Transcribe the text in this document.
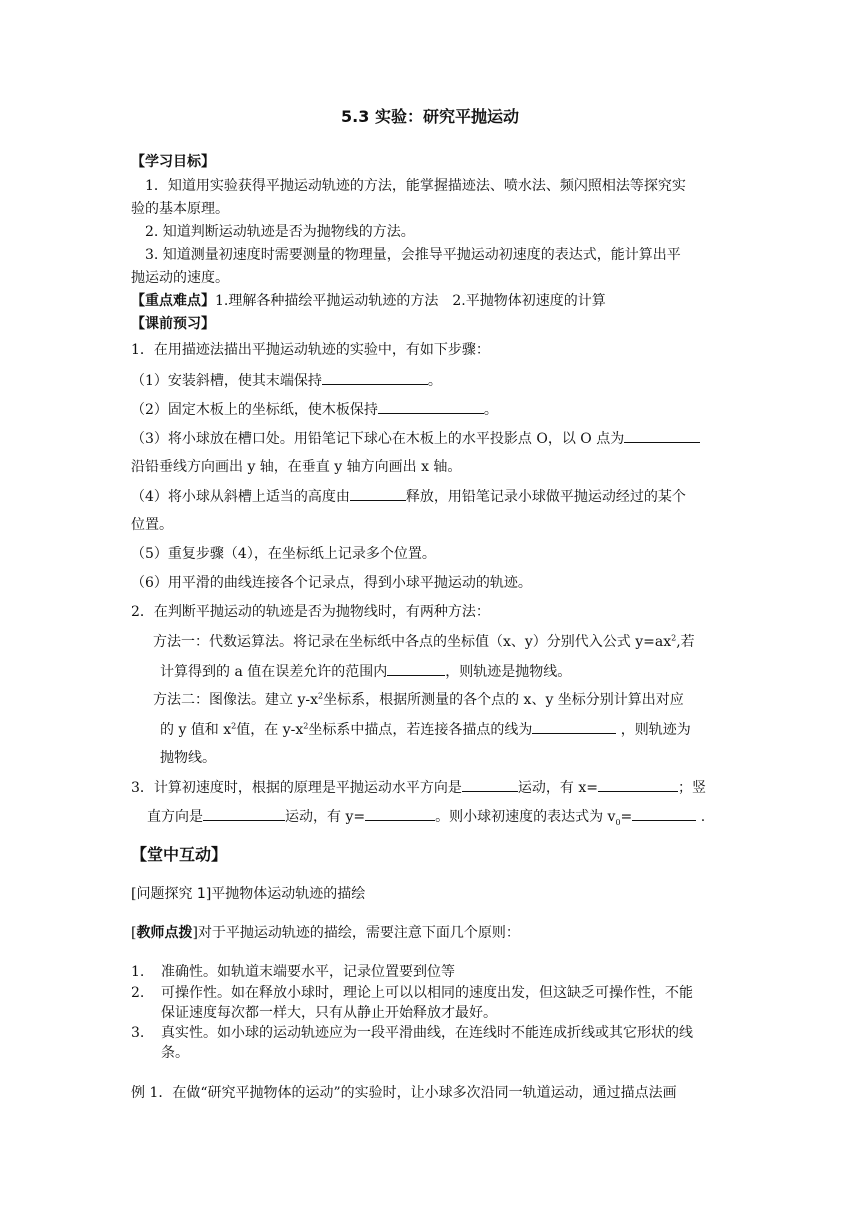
5.3 实验：研究平抛运动
【学习目标】
1．知道用实验获得平抛运动轨迹的方法，能掌握描迹法、喷水法、频闪照相法等探究实
验的基本原理。
2. 知道判断运动轨迹是否为抛物线的方法。
3. 知道测量初速度时需要测量的物理量，会推导平抛运动初速度的表达式，能计算出平
抛运动的速度。
【重点难点】1.理解各种描绘平抛运动轨迹的方法　2.平抛物体初速度的计算
【课前预习】
1．在用描迹法描出平抛运动轨迹的实验中，有如下步骤：
（1）安装斜槽，使其末端保持	。
（2）固定木板上的坐标纸，使木板保持	。
（3）将小球放在槽口处。用铅笔记下球心在木板上的水平投影点 O，以 O 点为
沿铅垂线方向画出 y 轴，在垂直 y 轴方向画出 x 轴。
（4）将小球从斜槽上适当的高度由	释放，用铅笔记录小球做平抛运动经过的某个
位置。
（5）重复步骤（4），在坐标纸上记录多个位置。
（6）用平滑的曲线连接各个记录点，得到小球平抛运动的轨迹。
2．在判断平抛运动的轨迹是否为抛物线时，有两种方法：
方法一：代数运算法。将记录在坐标纸中各点的坐标值（x、y）分别代入公式 $y=ax^2$,若
计算得到的 a 值在误差允许的范围内	，则轨迹是抛物线。
方法二：图像法。建立 $y-x^2$坐标系，根据所测量的各个点的 x、y 坐标分别计算出对应
的 y 值和 $x^2$值，在 $y-x^2$坐标系中描点，若连接各描点的线为	，则轨迹为
抛物线。
3．计算初速度时，根据的原理是平抛运动水平方向是	运动，有 x=	；竖
直方向是	运动，有 y=	。则小球初速度的表达式为 $v_0=$	.
【堂中互动】
[问题探究 1]平抛物体运动轨迹的描绘
[教师点拨]对于平抛运动轨迹的描绘，需要注意下面几个原则：
1. 准确性。如轨道末端要水平，记录位置要到位等
2. 可操作性。如在释放小球时，理论上可以以相同的速度出发，但这缺乏可操作性，不能
保证速度每次都一样大，只有从静止开始释放才最好。
3. 真实性。如小球的运动轨迹应为一段平滑曲线，在连线时不能连成折线或其它形状的线
条。
例 1．在做“研究平抛物体的运动”的实验时，让小球多次沿同一轨道运动，通过描点法画
